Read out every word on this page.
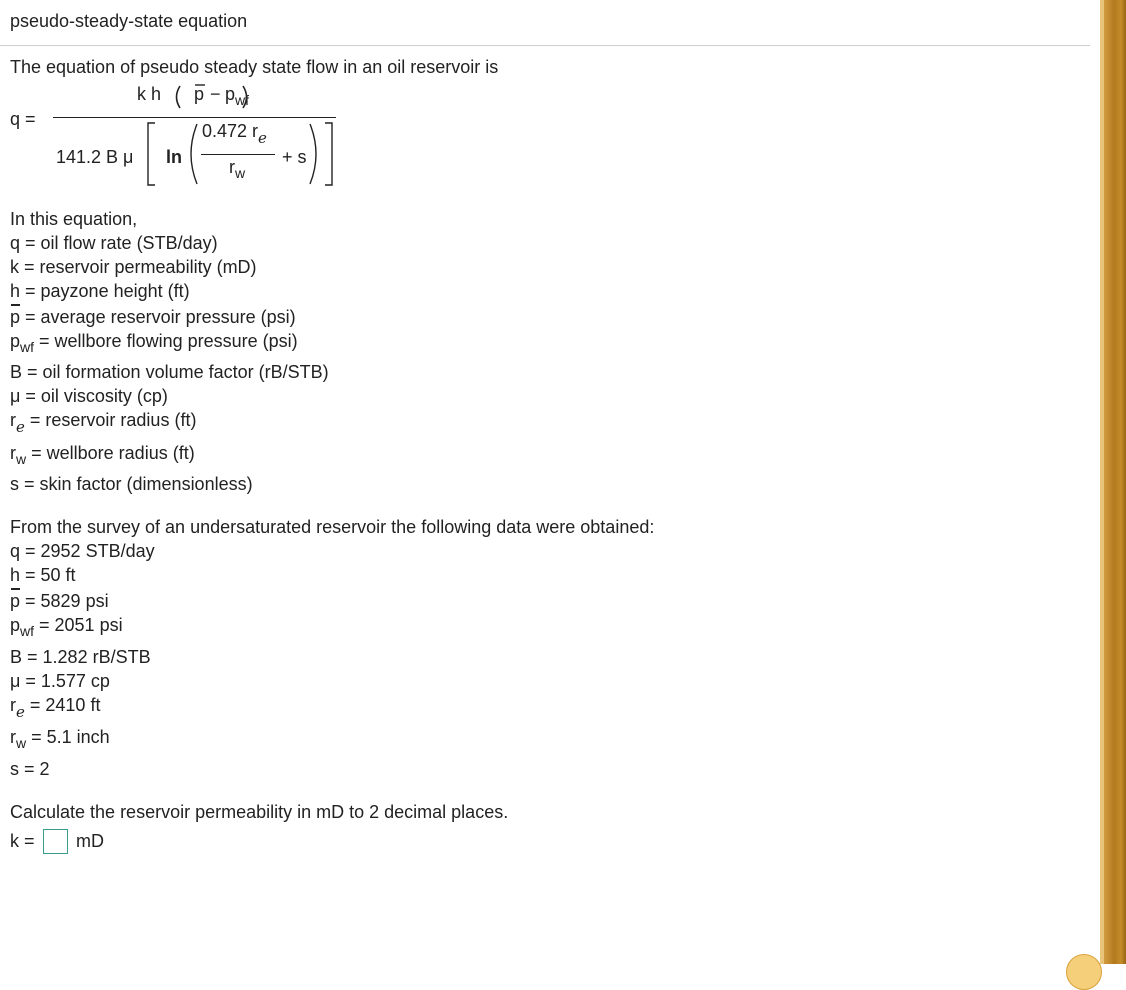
pseudo-steady-state equation
The equation of pseudo steady state flow in an oil reservoir is
q =
k h $p - p_{wf}$
141.2 B μ ln
0.472 $r_e$
$r_w$
+ s
In this equation,
q = oil flow rate (STB/day)
k = reservoir permeability (mD)
h = payzone height (ft)
p = average reservoir pressure (psi)
$p_{wf}$ = wellbore flowing pressure (psi)
B = oil formation volume factor (rB/STB)
μ = oil viscosity (cp)
$r_e$ = reservoir radius (ft)
$r_w$ = wellbore radius (ft)
s = skin factor (dimensionless)
From the survey of an undersaturated reservoir the following data were obtained:
q = 2952 STB/day
h = 50 ft
p = 5829 psi
$p_{wf} = 2051$ psi
B = 1.282 rB/STB
μ = 1.577 cp
$r_e = 2410$ ft
$r_w = 5.1$ inch
s = 2
Calculate the reservoir permeability in mD to 2 decimal places.
k = mD
